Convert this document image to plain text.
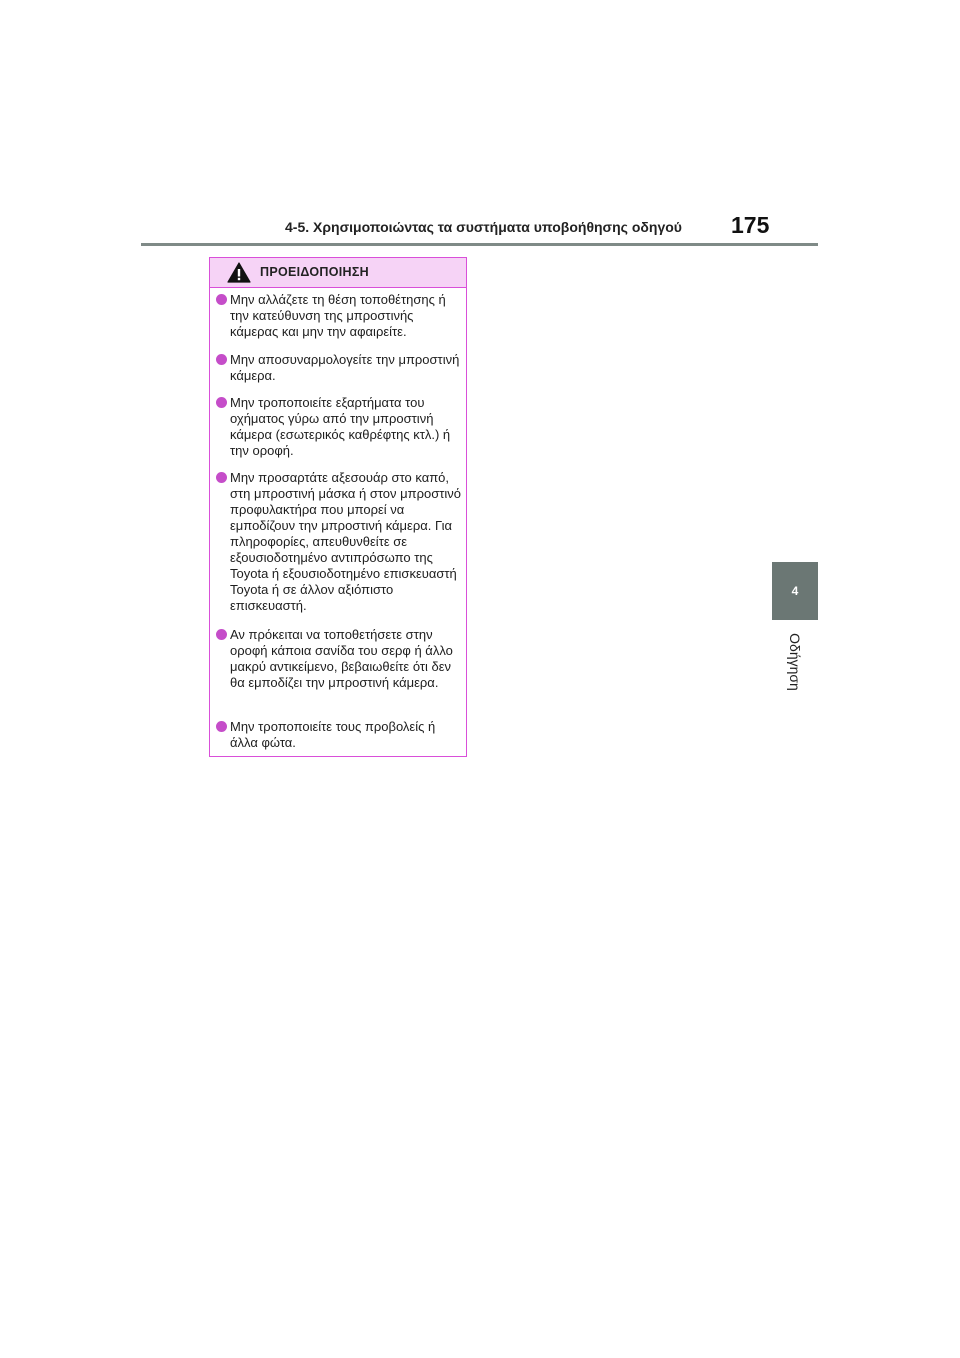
4-5. Χρησιμοποιώντας τα συστήματα υποβοήθησης οδηγού 175
4
Οδήγηση
ΠΡΟΕΙΔΟΠΟΙΗΣΗ
Μην αλλάζετε τη θέση τοποθέτησης ή την κατεύθυνση της μπροστινής κάμερας και μην την αφαιρείτε.
Μην αποσυναρμολογείτε την μπροστινή κάμερα.
Μην τροποποιείτε εξαρτήματα του οχήματος γύρω από την μπροστινή κάμερα (εσωτερικός καθρέφτης κτλ.) ή την οροφή.
Μην προσαρτάτε αξεσουάρ στο καπό, στη μπροστινή μάσκα ή στον μπροστινό προφυλακτήρα που μπορεί να εμποδίζουν την μπροστινή κάμερα. Για πληροφορίες, απευθυνθείτε σε εξουσιοδοτημένο αντιπρόσωπο της Toyota ή εξουσιοδοτημένο επισκευαστή Toyota ή σε άλλον αξιόπιστο επισκευαστή.
Αν πρόκειται να τοποθετήσετε στην οροφή κάποια σανίδα του σερφ ή άλλο μακρύ αντικείμενο, βεβαιωθείτε ότι δεν θα εμποδίζει την μπροστινή κάμερα.
Μην τροποποιείτε τους προβολείς ή άλλα φώτα.
